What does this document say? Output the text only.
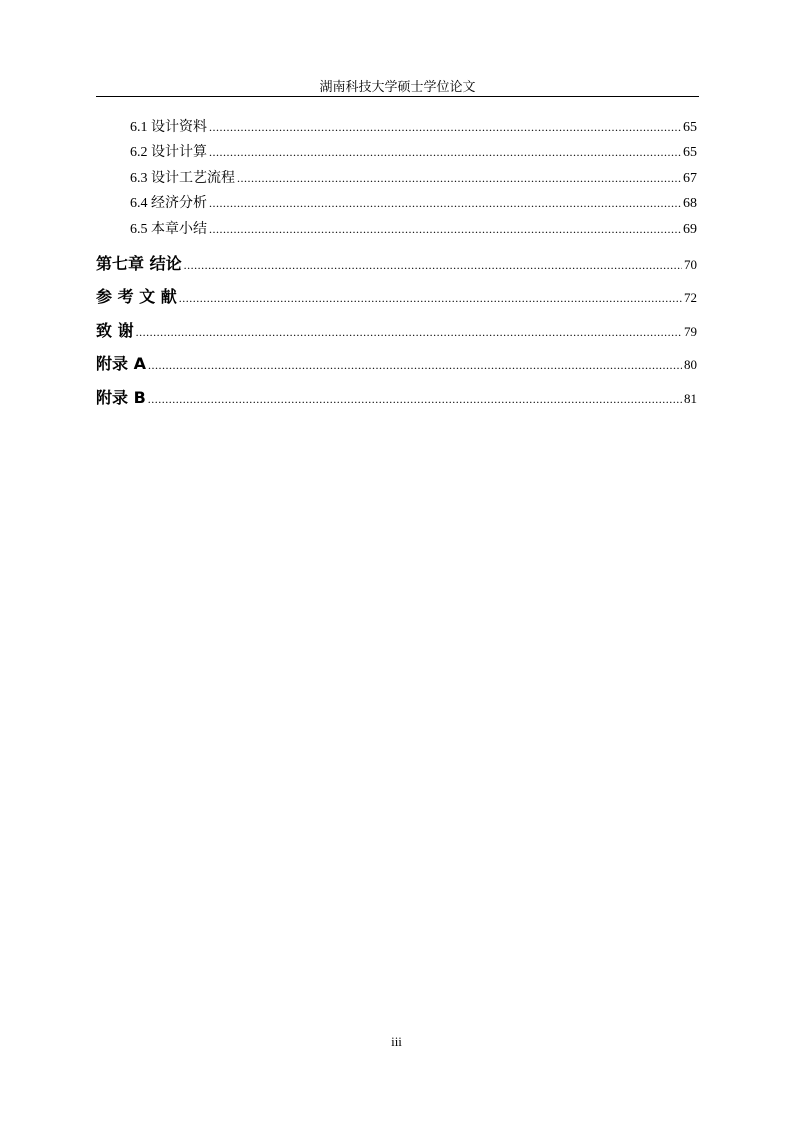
湖南科技大学硕士学位论文
6.1 设计资料 .....	65
6.2 设计计算 .....	65
6.3 设计工艺流程 .....	67
6.4 经济分析 .....	68
6.5 本章小结 .....	69
第七章 结论 .....	70
参 考 文 献 .....	72
致 谢 .....	79
附录 A .....	80
附录 B .....	81
iii
